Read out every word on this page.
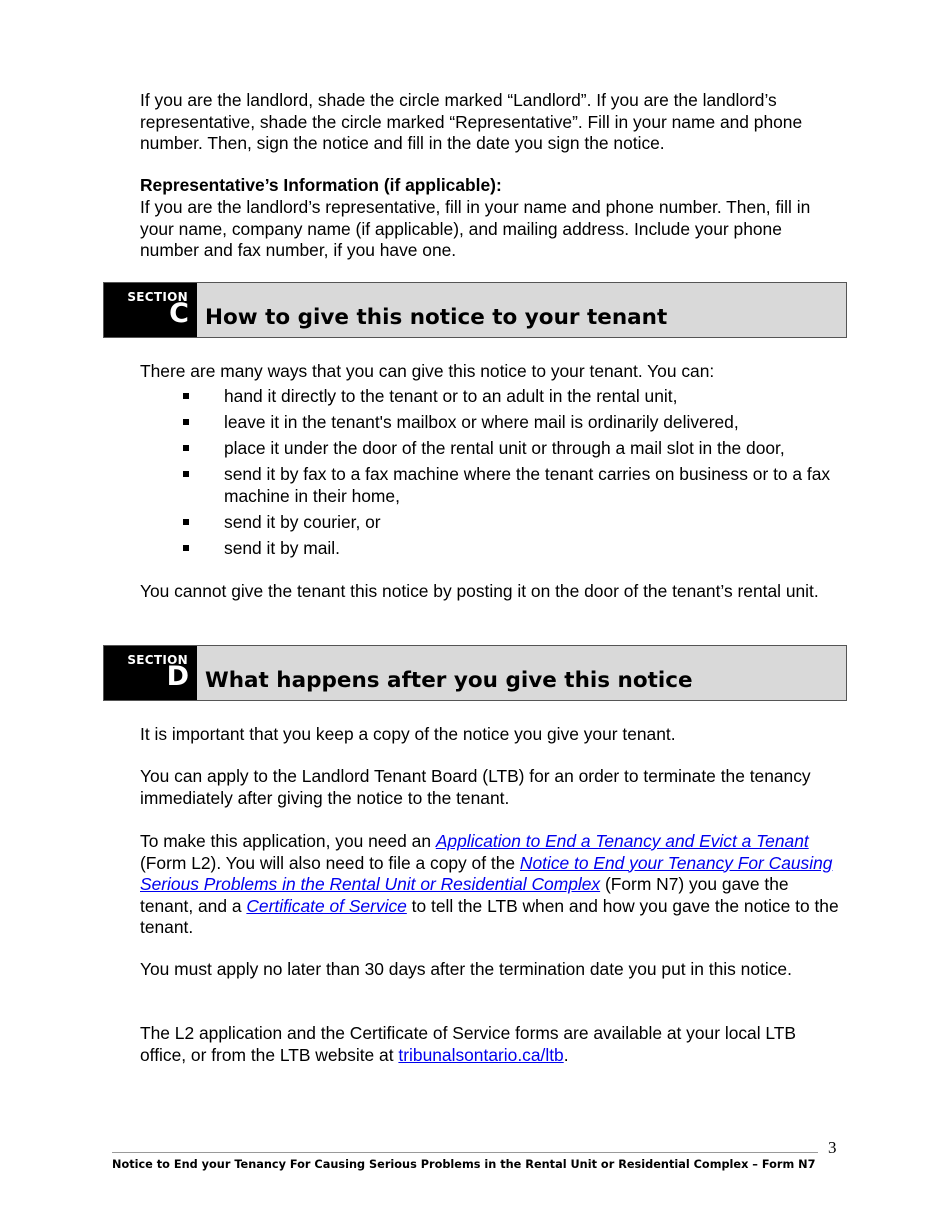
If you are the landlord, shade the circle marked “Landlord”. If you are the landlord’s representative, shade the circle marked “Representative”. Fill in your name and phone number. Then, sign the notice and fill in the date you sign the notice.

Representative’s Information (if applicable):

If you are the landlord’s representative, fill in your name and phone number. Then, fill in your name, company name (if applicable), and mailing address. Include your phone number and fax number, if you have one.

SECTION
C How to give this notice to your tenant

There are many ways that you can give this notice to your tenant. You can:

hand it directly to the tenant or to an adult in the rental unit,
leave it in the tenant's mailbox or where mail is ordinarily delivered,
place it under the door of the rental unit or through a mail slot in the door,
send it by fax to a fax machine where the tenant carries on business or to a fax machine in their home,
send it by courier, or
send it by mail.

You cannot give the tenant this notice by posting it on the door of the tenant’s rental unit.

SECTION
D What happens after you give this notice

It is important that you keep a copy of the notice you give your tenant.

You can apply to the Landlord Tenant Board (LTB) for an order to terminate the tenancy immediately after giving the notice to the tenant.

To make this application, you need an Application to End a Tenancy and Evict a Tenant (Form L2). You will also need to file a copy of the Notice to End your Tenancy For Causing Serious Problems in the Rental Unit or Residential Complex (Form N7) you gave the tenant, and a Certificate of Service to tell the LTB when and how you gave the notice to the tenant.

You must apply no later than 30 days after the termination date you put in this notice.

The L2 application and the Certificate of Service forms are available at your local LTB office, or from the LTB website at tribunalsontario.ca/ltb.

3
Notice to End your Tenancy For Causing Serious Problems in the Rental Unit or Residential Complex – Form N7
